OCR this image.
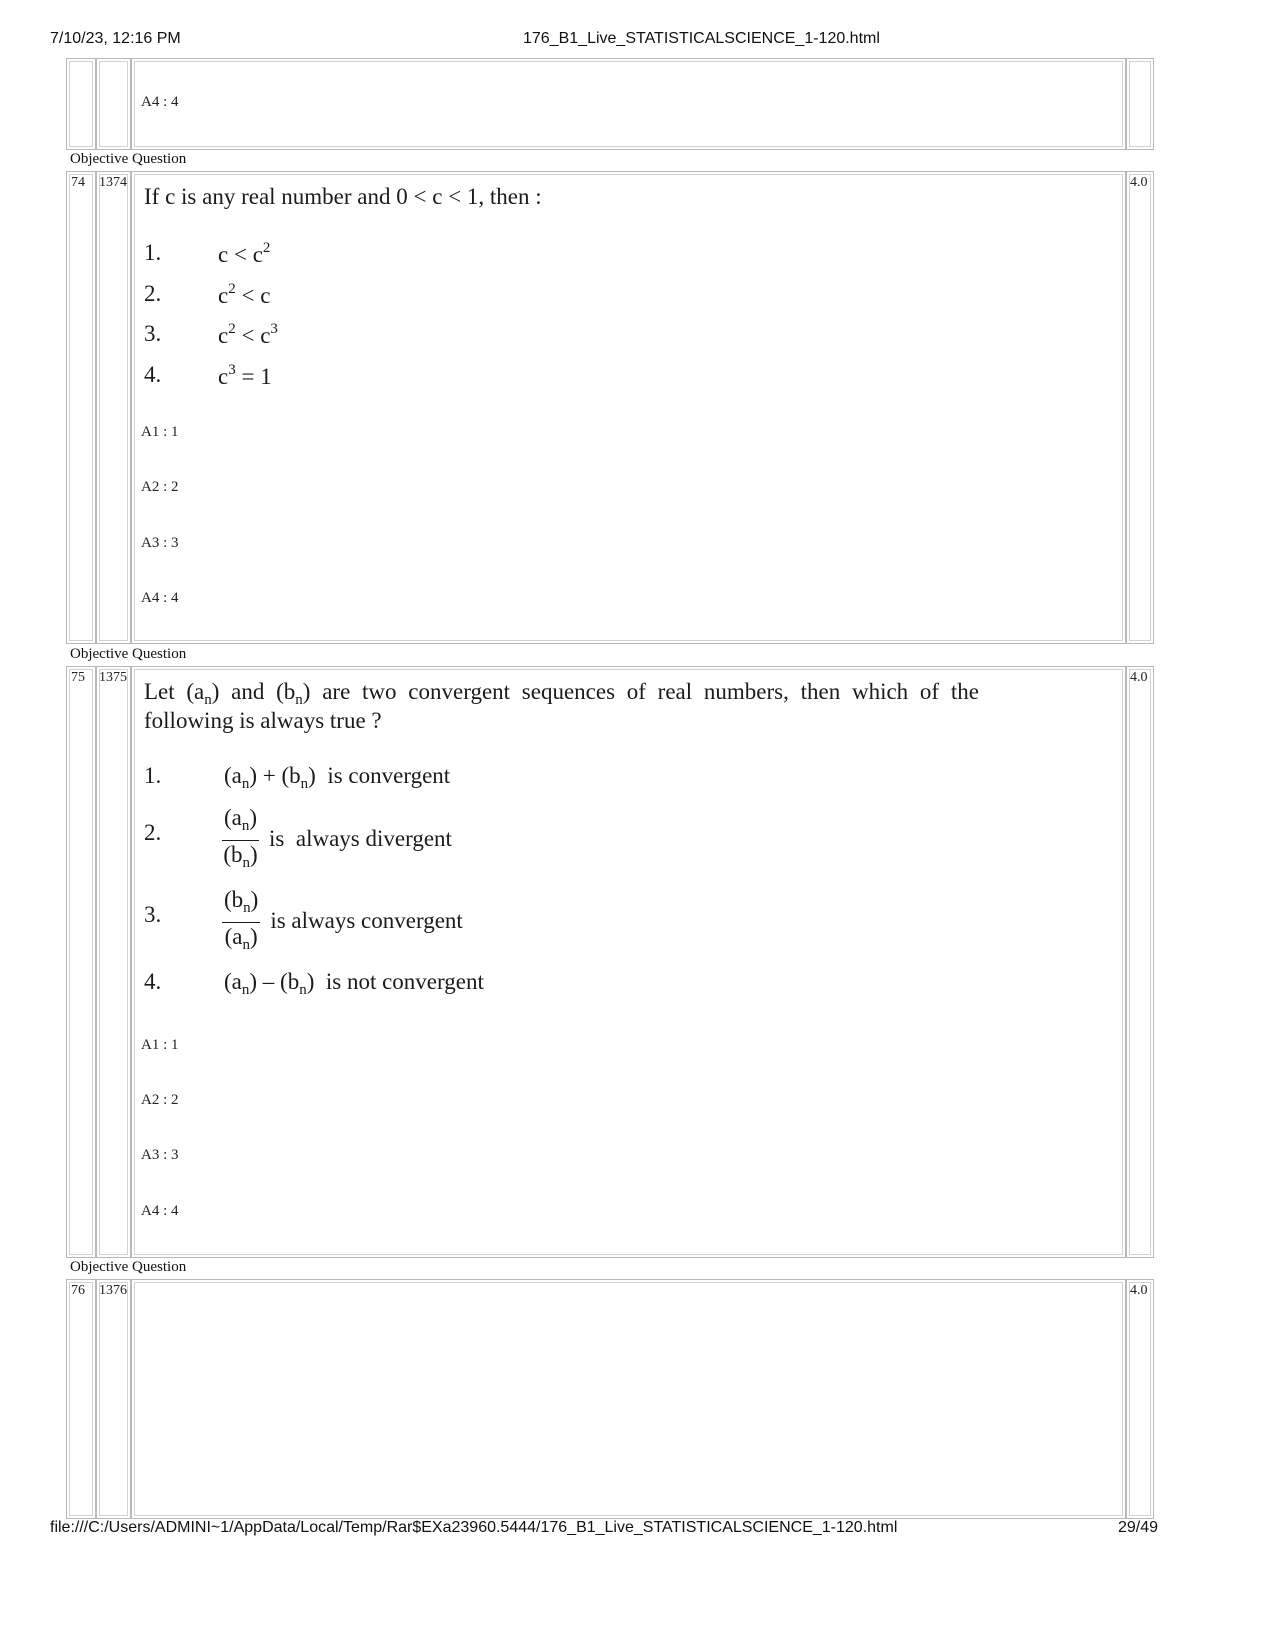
7/10/23, 12:16 PM	176_B1_Live_STATISTICALSCIENCE_1-120.html
A4 : 4
Objective Question
74 1374	4.0
If c is any real number and 0 < c < 1, then :
1. $c < c^2$
2. $c^2 < c$
3. $c^2 < c^3$
4. $c^3 = 1$
A1 : 1
A2 : 2
A3 : 3
A4 : 4
Objective Question
75 1375	4.0
Let $(a_n)$ and $(b_n)$ are two convergent sequences of real numbers, then which of the
following is always true ?
1.	$(a_n) + (b_n)$  is convergent
2.	$\frac{(a_n)}{(b_n)}$ is  always divergent
3.	$\frac{(b_n)}{(a_n)}$ is always convergent
4.	$(a_n) - (b_n)$  is not convergent
A1 : 1
A2 : 2
A3 : 3
A4 : 4
Objective Question
76 1376	4.0
file:///C:/Users/ADMINI~1/AppData/Local/Temp/Rar$EXa23960.5444/176_B1_Live_STATISTICALSCIENCE_1-120.html	29/49
